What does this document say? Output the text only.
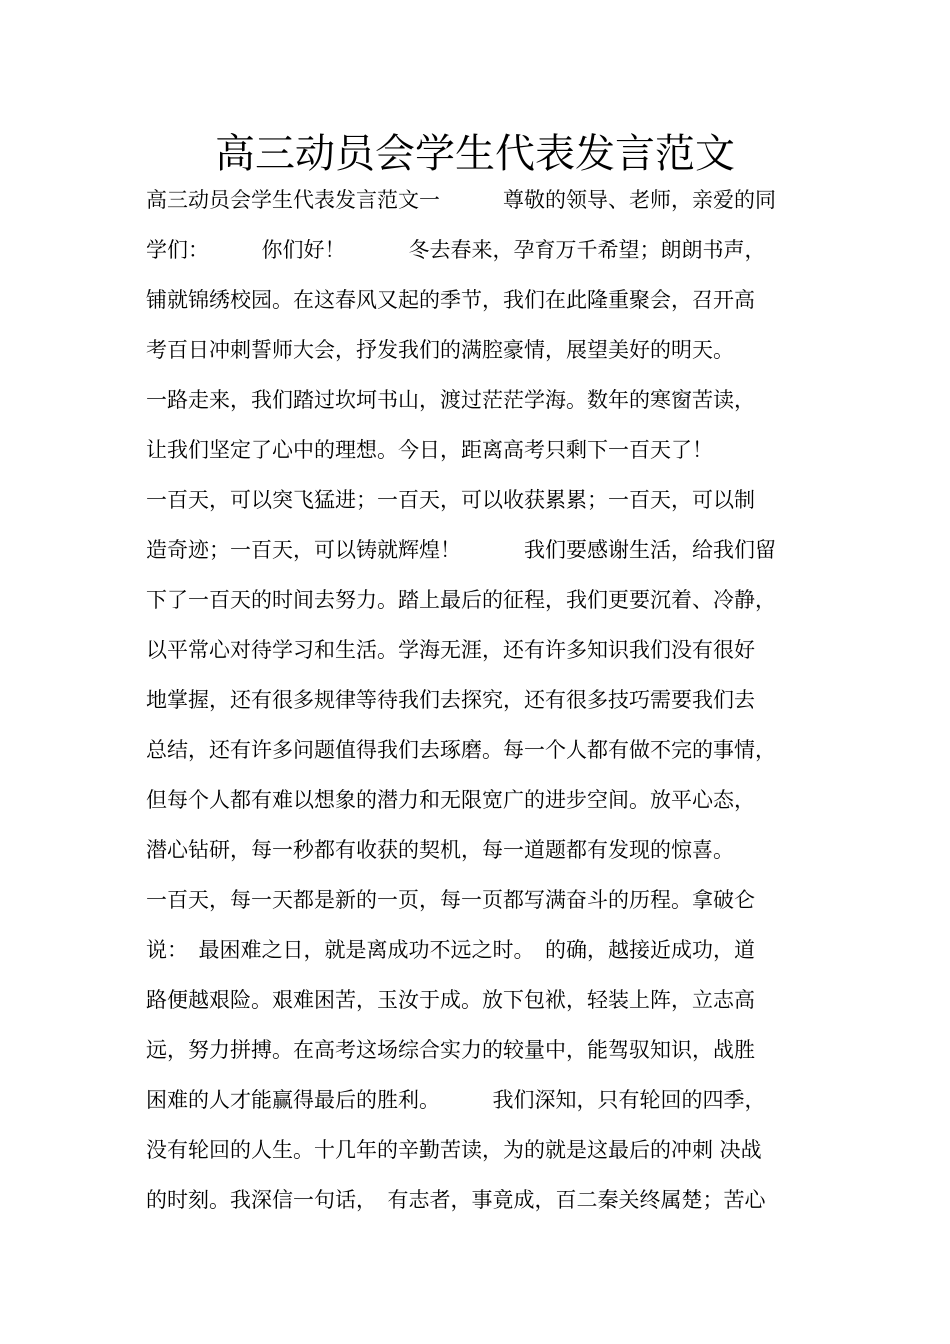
高三动员会学生代表发言范文
高三动员会学生代表发言范文一　　　尊敬的领导、老师，亲爱的同
学们：　　　你们好！　　　冬去春来，孕育万千希望；朗朗书声，
铺就锦绣校园。在这春风又起的季节，我们在此隆重聚会，召开高
考百日冲刺誓师大会，抒发我们的满腔豪情，展望美好的明天。
一路走来，我们踏过坎坷书山，渡过茫茫学海。数年的寒窗苦读，
让我们坚定了心中的理想。今日，距离高考只剩下一百天了！
一百天，可以突飞猛进；一百天，可以收获累累；一百天，可以制
造奇迹；一百天，可以铸就辉煌！　　　我们要感谢生活，给我们留
下了一百天的时间去努力。踏上最后的征程，我们更要沉着、冷静，
以平常心对待学习和生活。学海无涯，还有许多知识我们没有很好
地掌握，还有很多规律等待我们去探究，还有很多技巧需要我们去
总结，还有许多问题值得我们去琢磨。每一个人都有做不完的事情，
但每个人都有难以想象的潜力和无限宽广的进步空间。放平心态，
潜心钻研，每一秒都有收获的契机，每一道题都有发现的惊喜。
一百天，每一天都是新的一页，每一页都写满奋斗的历程。拿破仑
说：　最困难之日，就是离成功不远之时。　的确，越接近成功，道
路便越艰险。艰难困苦，玉汝于成。放下包袱，轻装上阵，立志高
远，努力拼搏。在高考这场综合实力的较量中，能驾驭知识，战胜
困难的人才能赢得最后的胜利。　　　我们深知，只有轮回的四季，
没有轮回的人生。十几年的辛勤苦读，为的就是这最后的冲刺 决战
的时刻。我深信一句话，　有志者，事竟成，百二秦关终属楚；苦心
